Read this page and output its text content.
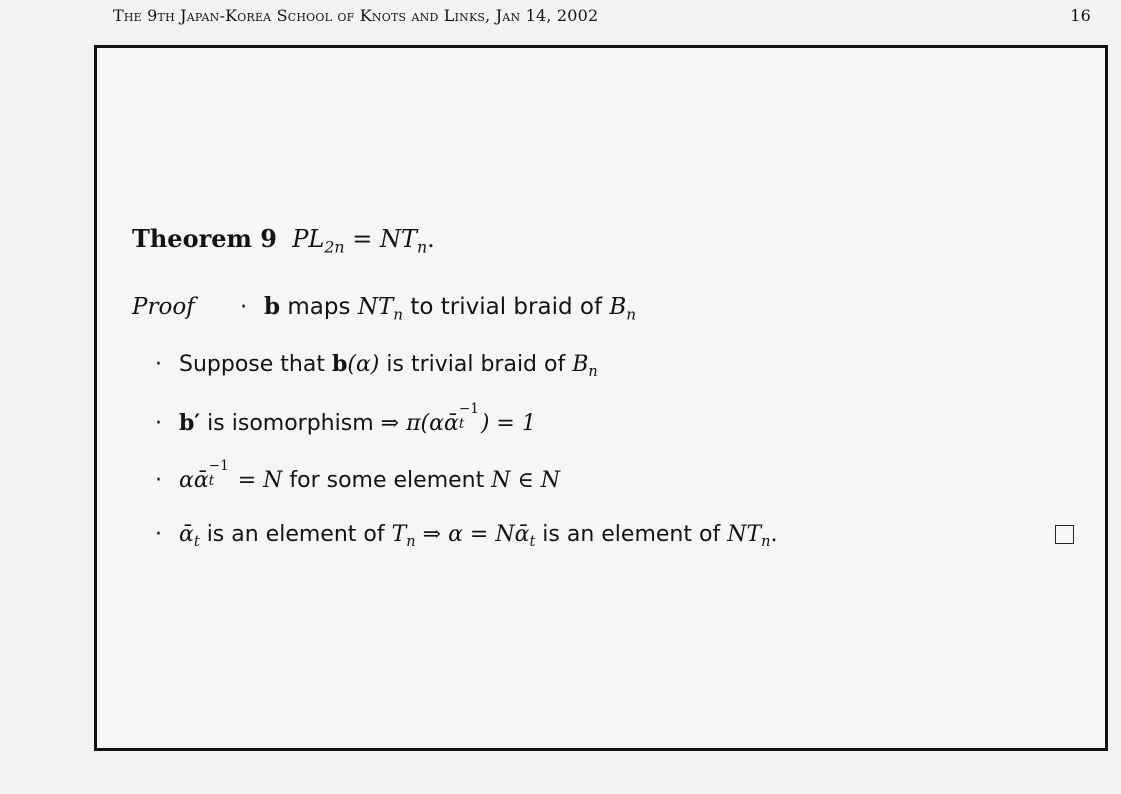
The 9th Japan-Korea School of Knots and Links, Jan 14, 2002	16
Theorem 9 $PL_{2n} = NT_n$.
Proof · b maps $NT_n$ to trivial braid of $B_n$
· Suppose that b(α) is trivial braid of $B_n$
· b′ is isomorphism ⇒ π(αᾱ
−1
t ) = 1
· αᾱ
−1
t = N for some element N ∈ N
· ᾱ$_t$ is an element of $T_n$ ⇒ α = Nᾱ$_t$ is an element of $NT_n$.
